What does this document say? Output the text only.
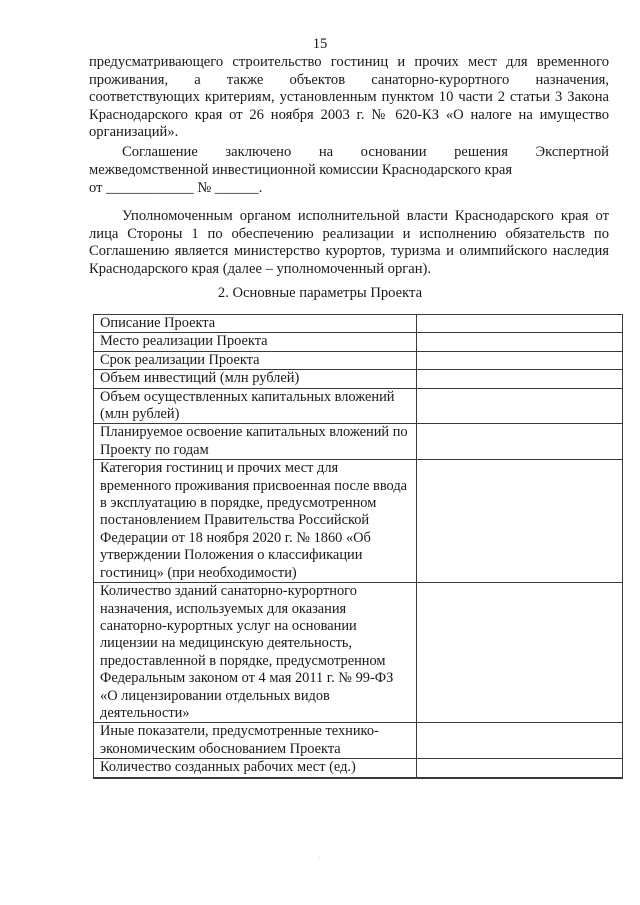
15

предусматривающего строительство гостиниц и прочих мест для временного проживания, а также объектов санаторно-курортного назначения, соответствующих критериям, установленным пунктом 10 части 2 статьи 3 Закона Краснодарского края от 26 ноября 2003 г. № 620-КЗ «О налоге на имущество организаций».

Соглашение заключено на основании решения Экспертной межведомственной инвестиционной комиссии Краснодарского края

от ____________ № ______.

Уполномоченным органом исполнительной власти Краснодарского края от лица Стороны 1 по обеспечению реализации и исполнению обязательств по Соглашению является министерство курортов, туризма и олимпийского наследия Краснодарского края (далее – уполномоченный орган).

2. Основные параметры Проекта
Описание Проекта	
Место реализации Проекта	
Срок реализации Проекта	
Объем инвестиций (млн рублей)	
Объем осуществленных капитальных вложений (млн рублей)	
Планируемое освоение капитальных вложений по Проекту по годам	
Категория гостиниц и прочих мест для временного проживания присвоенная после ввода в эксплуатацию в порядке, предусмотренном постановлением Правительства Российской Федерации от 18 ноября 2020 г. № 1860 «Об утверждении Положения о классификации гостиниц» (при необходимости)	
Количество зданий санаторно-курортного назначения, используемых для оказания санаторно-курортных услуг на основании лицензии на медицинскую деятельность, предоставленной в порядке, предусмотренном Федеральным законом от 4 мая 2011 г. № 99-ФЗ «О лицензировании отдельных видов деятельности»	
Иные показатели, предусмотренные технико-экономическим обоснованием Проекта	
Количество созданных рабочих мест (ед.)	
